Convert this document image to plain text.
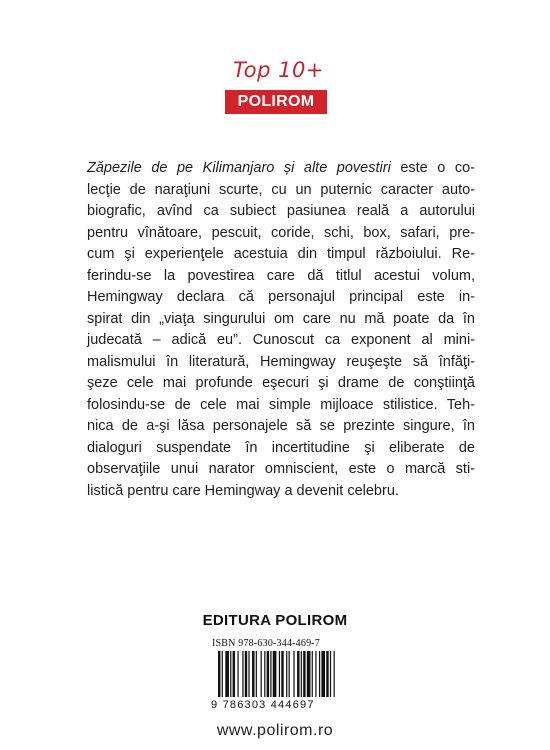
Top 10+
POLIROM
Zăpezile de pe Kilimanjaro și alte povestiri este o co-
lecţie de naraţiuni scurte, cu un puternic caracter auto-
biografic, avînd ca subiect pasiunea reală a autorului
pentru vînătoare, pescuit, coride, schi, box, safari, pre-
cum şi experienţele acestuia din timpul războiului. Re-
ferindu-se la povestirea care dă titlul acestui volum,
Hemingway declara că personajul principal este in-
spirat din „viaţa singurului om care nu mă poate da în
judecată – adică eu”. Cunoscut ca exponent al mini-
malismului în literatură, Hemingway reuşeşte să înfăţi-
şeze cele mai profunde eşecuri şi drame de conştiinţă
folosindu-se de cele mai simple mijloace stilistice. Teh-
nica de a-şi lăsa personajele să se prezinte singure, în
dialoguri suspendate în incertitudine şi eliberate de
observaţiile unui narator omniscient, este o marcă sti-
listică pentru care Hemingway a devenit celebru.
EDITURA POLIROM
ISBN 978-630-344-469-7
9 786303 444697
www.polirom.ro
